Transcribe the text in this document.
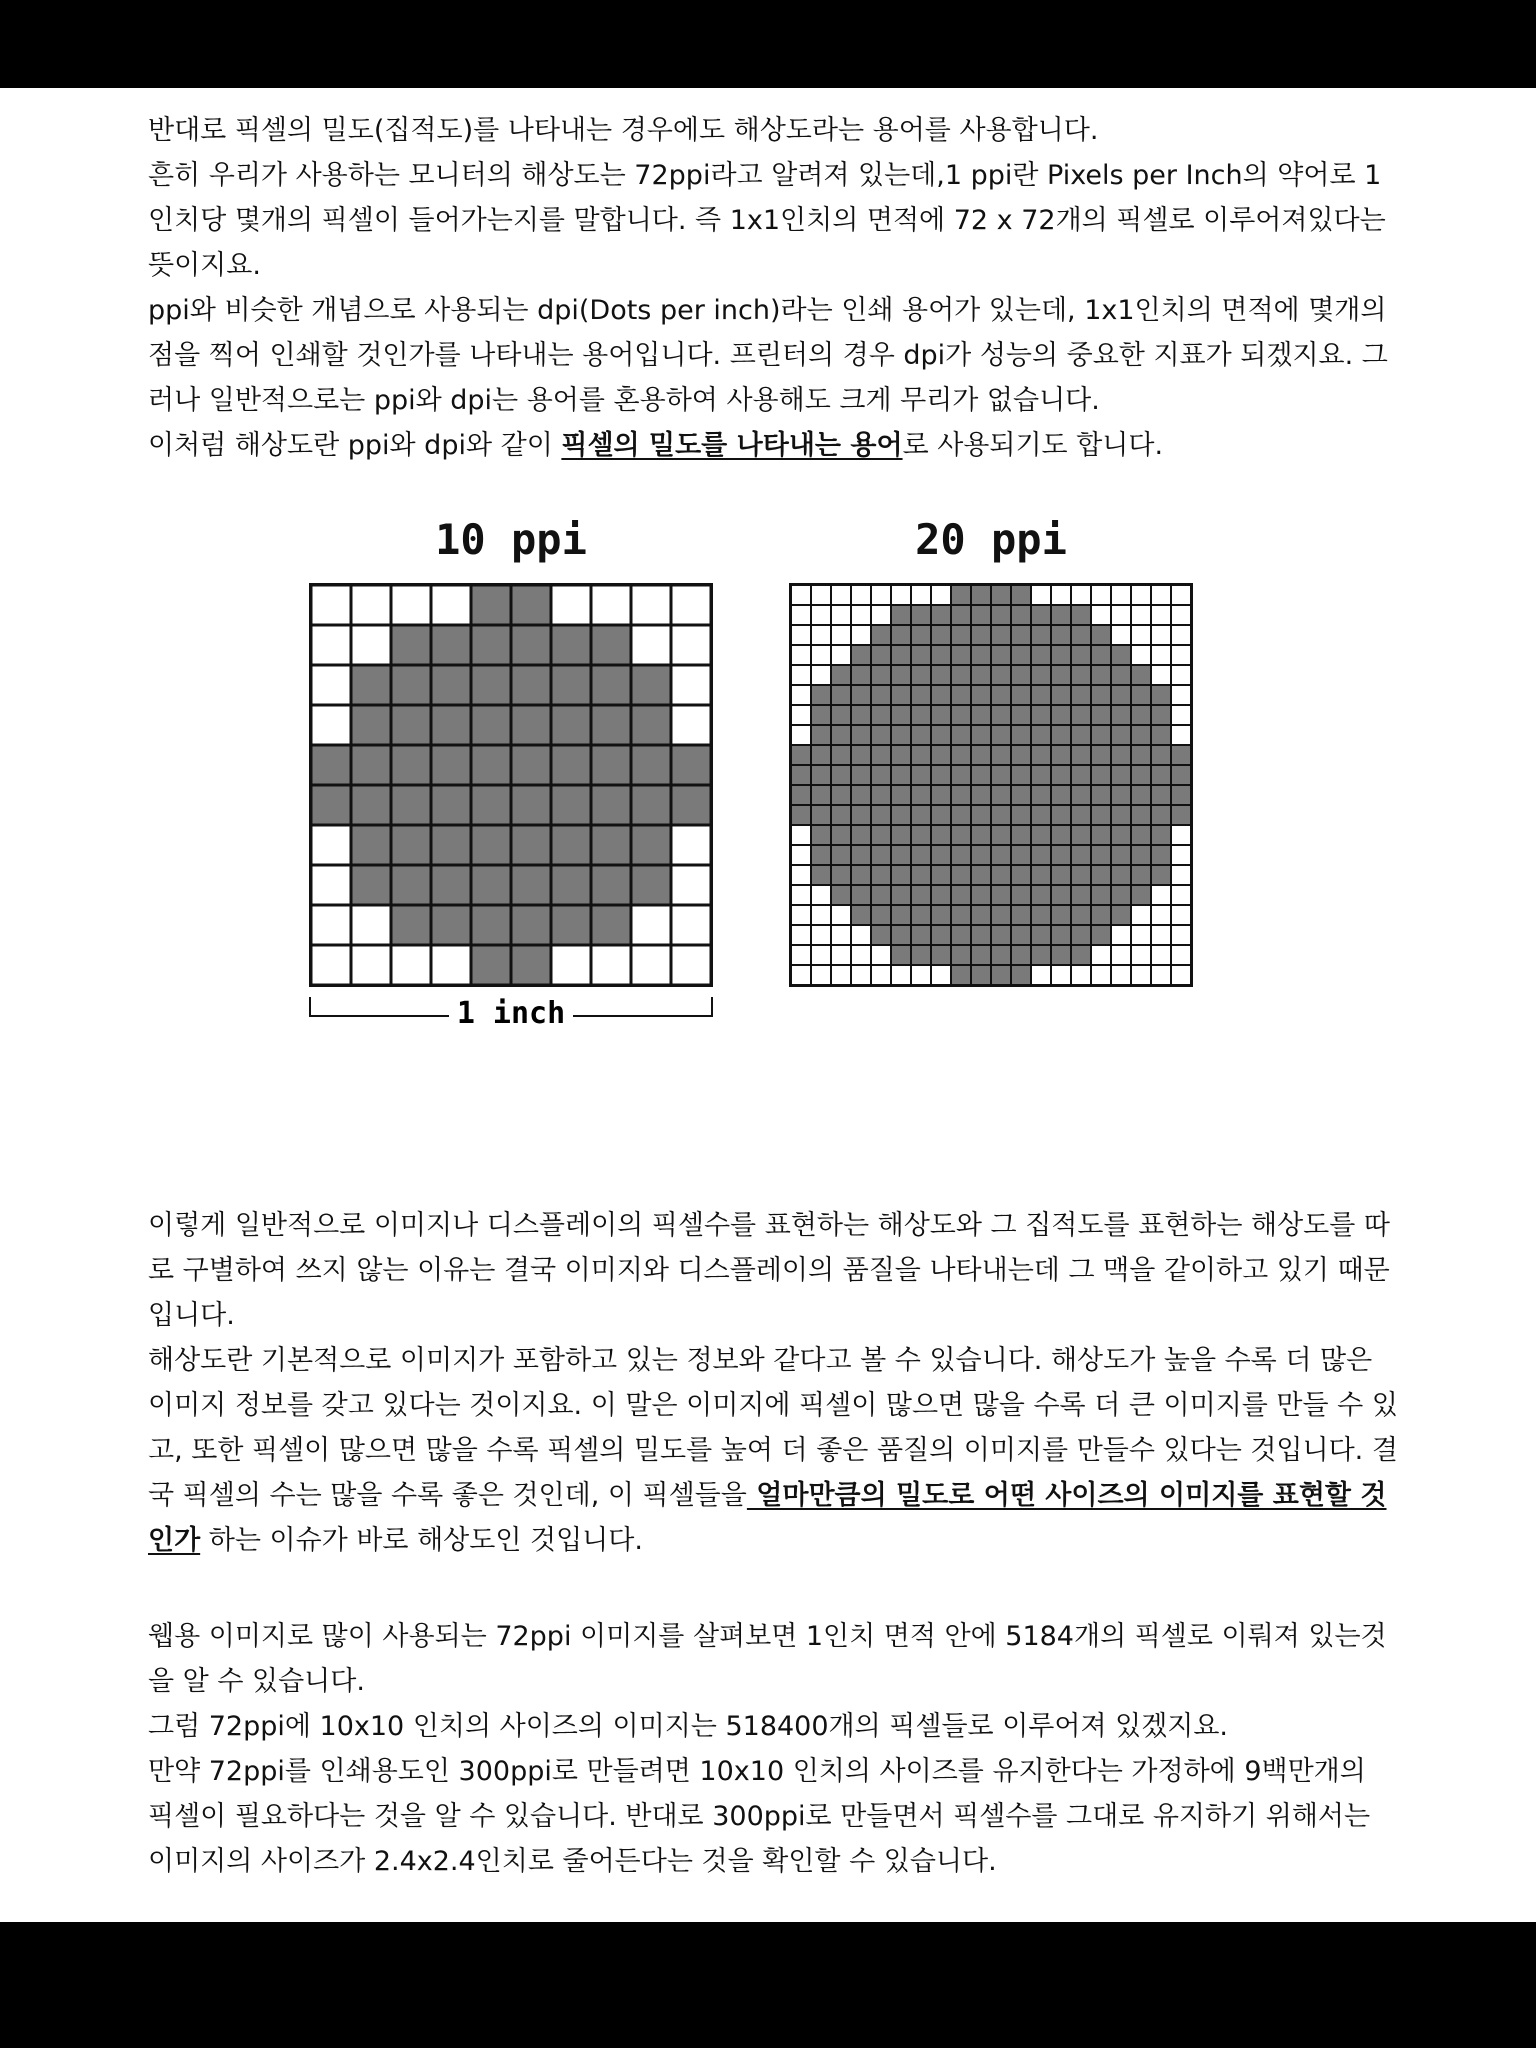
반대로 픽셀의 밀도(집적도)를 나타내는 경우에도 해상도라는 용어를 사용합니다.

흔히 우리가 사용하는 모니터의 해상도는 72ppi라고 알려져 있는데,1 ppi란 Pixels per Inch의 약어로 1인치당 몇개의 픽셀이 들어가는지를 말합니다. 즉 1x1인치의 면적에 72 x 72개의 픽셀로 이루어져있다는 뜻이지요.

ppi와 비슷한 개념으로 사용되는 dpi(Dots per inch)라는 인쇄 용어가 있는데, 1x1인치의 면적에 몇개의 점을 찍어 인쇄할 것인가를 나타내는 용어입니다. 프린터의 경우 dpi가 성능의 중요한 지표가 되겠지요. 그러나 일반적으로는 ppi와 dpi는 용어를 혼용하여 사용해도 크게 무리가 없습니다.

이처럼 해상도란 ppi와 dpi와 같이 픽셀의 밀도를 나타내는 용어로 사용되기도 합니다.

10 ppi	20 ppi
1 inch

이렇게 일반적으로 이미지나 디스플레이의 픽셀수를 표현하는 해상도와 그 집적도를 표현하는 해상도를 따로 구별하여 쓰지 않는 이유는 결국 이미지와 디스플레이의 품질을 나타내는데 그 맥을 같이하고 있기 때문입니다.

해상도란 기본적으로 이미지가 포함하고 있는 정보와 같다고 볼 수 있습니다. 해상도가 높을 수록 더 많은 이미지 정보를 갖고 있다는 것이지요. 이 말은 이미지에 픽셀이 많으면 많을 수록 더 큰 이미지를 만들 수 있고, 또한 픽셀이 많으면 많을 수록 픽셀의 밀도를 높여 더 좋은 품질의 이미지를 만들수 있다는 것입니다. 결국 픽셀의 수는 많을 수록 좋은 것인데, 이 픽셀들을 얼마만큼의 밀도로 어떤 사이즈의 이미지를 표현할 것인가 하는 이슈가 바로 해상도인 것입니다.

웹용 이미지로 많이 사용되는 72ppi 이미지를 살펴보면 1인치 면적 안에 5184개의 픽셀로 이뤄져 있는것을 알 수 있습니다.

그럼 72ppi에 10x10 인치의 사이즈의 이미지는 518400개의 픽셀들로 이루어져 있겠지요.

만약 72ppi를 인쇄용도인 300ppi로 만들려면 10x10 인치의 사이즈를 유지한다는 가정하에 9백만개의 픽셀이 필요하다는 것을 알 수 있습니다. 반대로 300ppi로 만들면서 픽셀수를 그대로 유지하기 위해서는 이미지의 사이즈가 2.4x2.4인치로 줄어든다는 것을 확인할 수 있습니다.
